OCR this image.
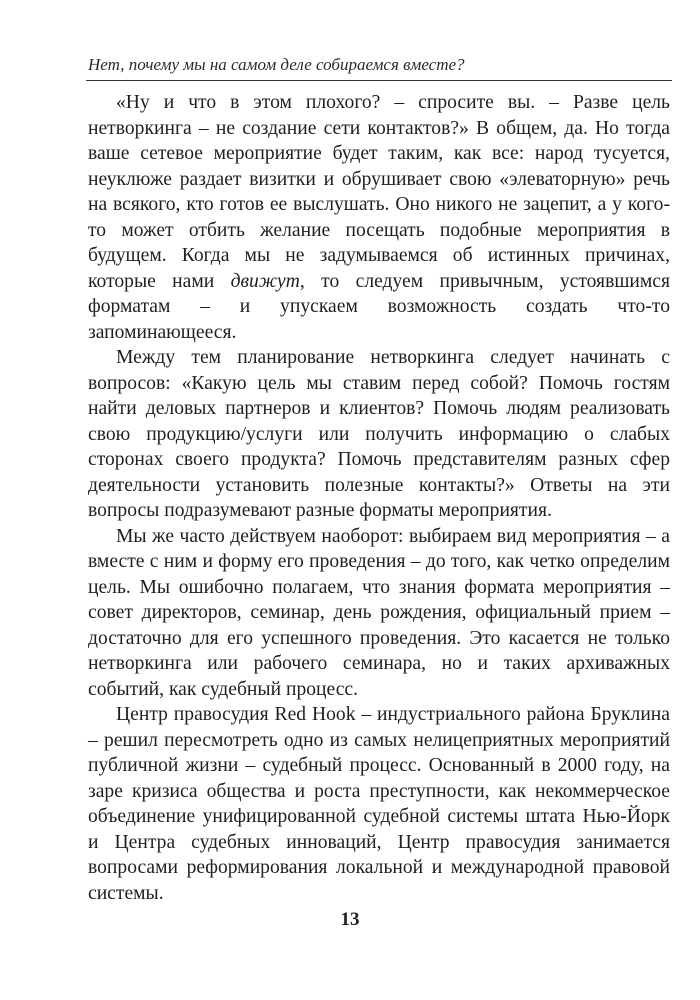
Нет, почему мы на самом деле собираемся вместе?

«Ну и что в этом плохого? – спросите вы. – Разве цель нетворкинга – не создание сети контактов?» В общем, да. Но тогда ваше сетевое мероприятие будет таким, как все: народ тусуется, неуклюже раздает визитки и обрушивает свою «элеваторную» речь на всякого, кто готов ее выслушать. Оно никого не зацепит, а у кого-то может отбить желание посещать подобные мероприятия в будущем. Когда мы не задумываемся об истинных причинах, которые нами движут, то следуем привычным, устоявшимся форматам – и упускаем возможность создать что-то запоминающееся.

Между тем планирование нетворкинга следует начинать с вопросов: «Какую цель мы ставим перед собой? Помочь гостям найти деловых партнеров и клиентов? Помочь людям реализовать свою продукцию/услуги или получить информацию о слабых сторонах своего продукта? Помочь представителям разных сфер деятельности установить полезные контакты?» Ответы на эти вопросы подразумевают разные форматы мероприятия.

Мы же часто действуем наоборот: выбираем вид мероприятия – а вместе с ним и форму его проведения – до того, как четко определим цель. Мы ошибочно полагаем, что знания формата мероприятия – совет директоров, семинар, день рождения, официальный прием – достаточно для его успешного проведения. Это касается не только нетворкинга или рабочего семинара, но и таких архиважных событий, как судебный процесс.

Центр правосудия Red Hook – индустриального района Бруклина – решил пересмотреть одно из самых нелицеприятных мероприятий публичной жизни – судебный процесс. Основанный в 2000 году, на заре кризиса общества и роста преступности, как некоммерческое объединение унифицированной судебной системы штата Нью-Йорк и Центра судебных инноваций, Центр правосудия занимается вопросами реформирования локальной и международной правовой системы.

13
